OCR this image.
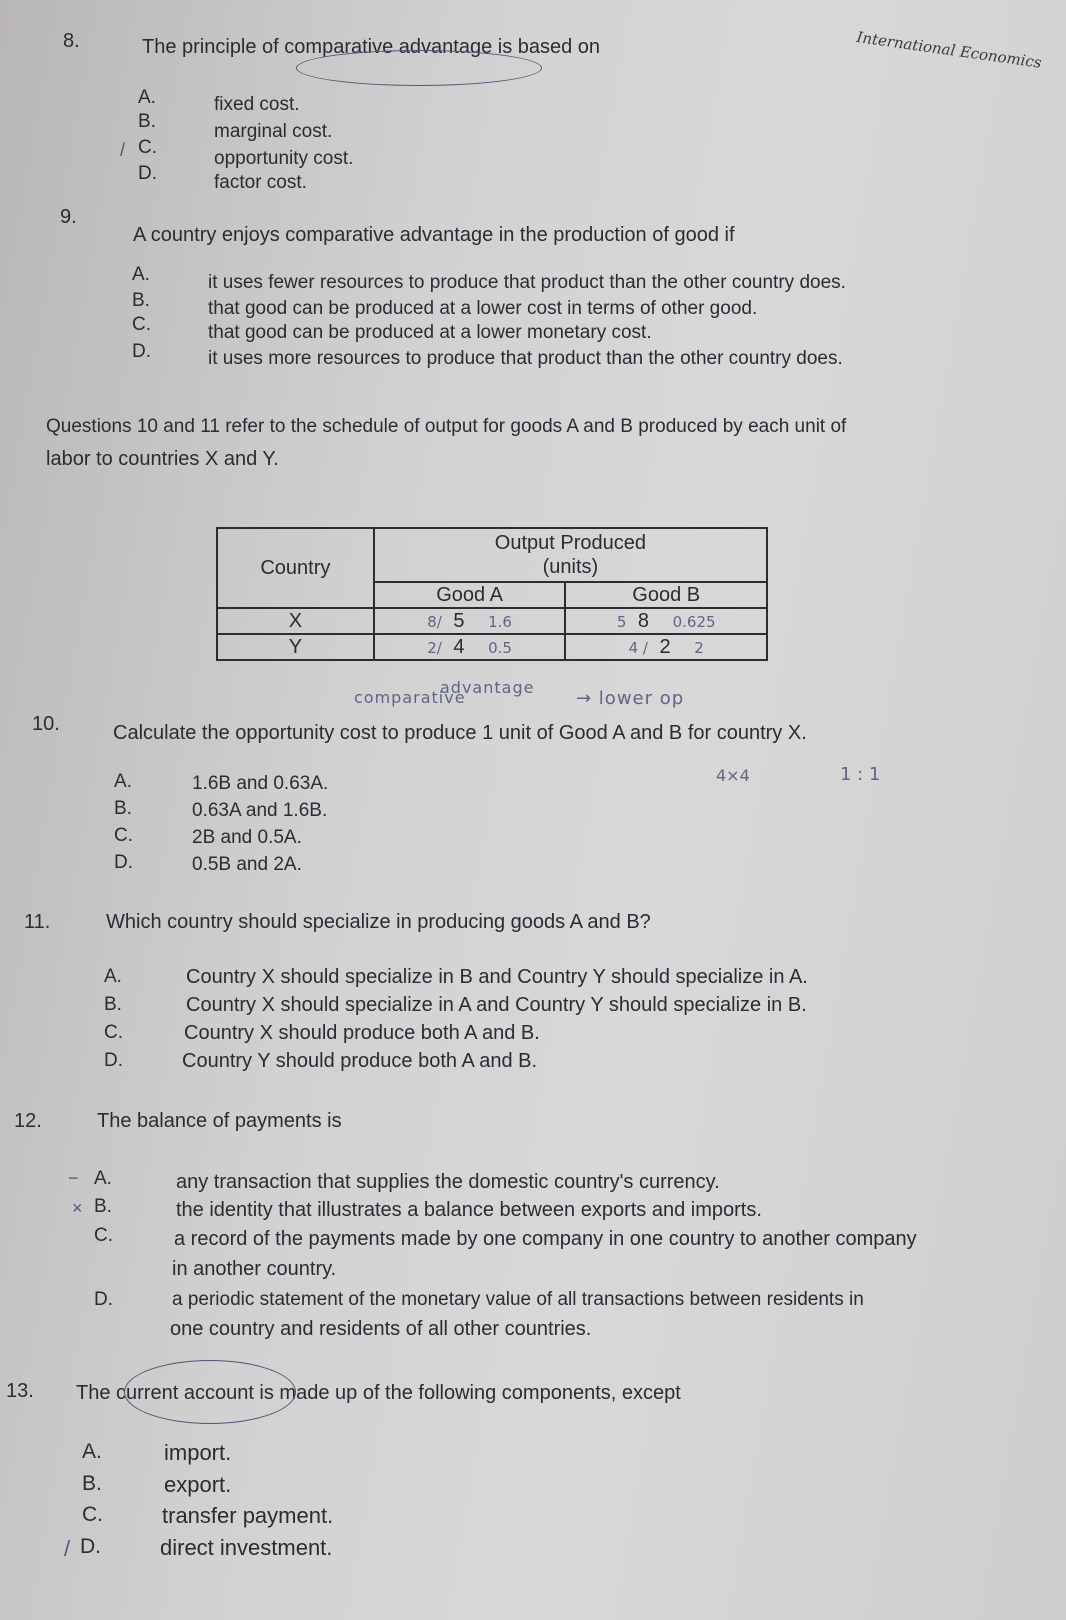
International Economics
8.	The principle of comparative advantage is based on
A.	fixed cost.
B.	marginal cost.
C.
/	opportunity cost.
D.	factor cost.
9.
A country enjoys comparative advantage in the production of good if
A.	it uses fewer resources to produce that product than the other country does.
B.	that good can be produced at a lower cost in terms of other good.
C.	that good can be produced at a lower monetary cost.
D.	it uses more resources to produce that product than the other country does.
Questions 10 and 11 refer to the schedule of output for goods A and B produced by each unit of
labor to countries X and Y.
Country	Output Produced
(units)	
	Good A	Good B
X	8/ 5 1.6	5 8 0.625
Y	2/ 4 0.5	4 / 2 2
comparative
advantage
→ lower op
4×4	1 : 1
10.	Calculate the opportunity cost to produce 1 unit of Good A and B for country X.
A.	1.6B and 0.63A.
B.	0.63A and 1.6B.
C.	2B and 0.5A.
D.	0.5B and 2A.
11.	Which country should specialize in producing goods A and B?
A.	Country X should specialize in B and Country Y should specialize in A.
B.	Country X should specialize in A and Country Y should specialize in B.
C.	Country X should produce both A and B.
D.	Country Y should produce both A and B.
12.	The balance of payments is
A.
−	any transaction that supplies the domestic country's currency.
B.
×	the identity that illustrates a balance between exports and imports.
C.	a record of the payments made by one company in one country to another company
in another country.
D.	a periodic statement of the monetary value of all transactions between residents in
one country and residents of all other countries.
13. The current account is made up of the following components, except
A.	import.
B.	export.
C.	transfer payment.
D.
/	direct investment.
